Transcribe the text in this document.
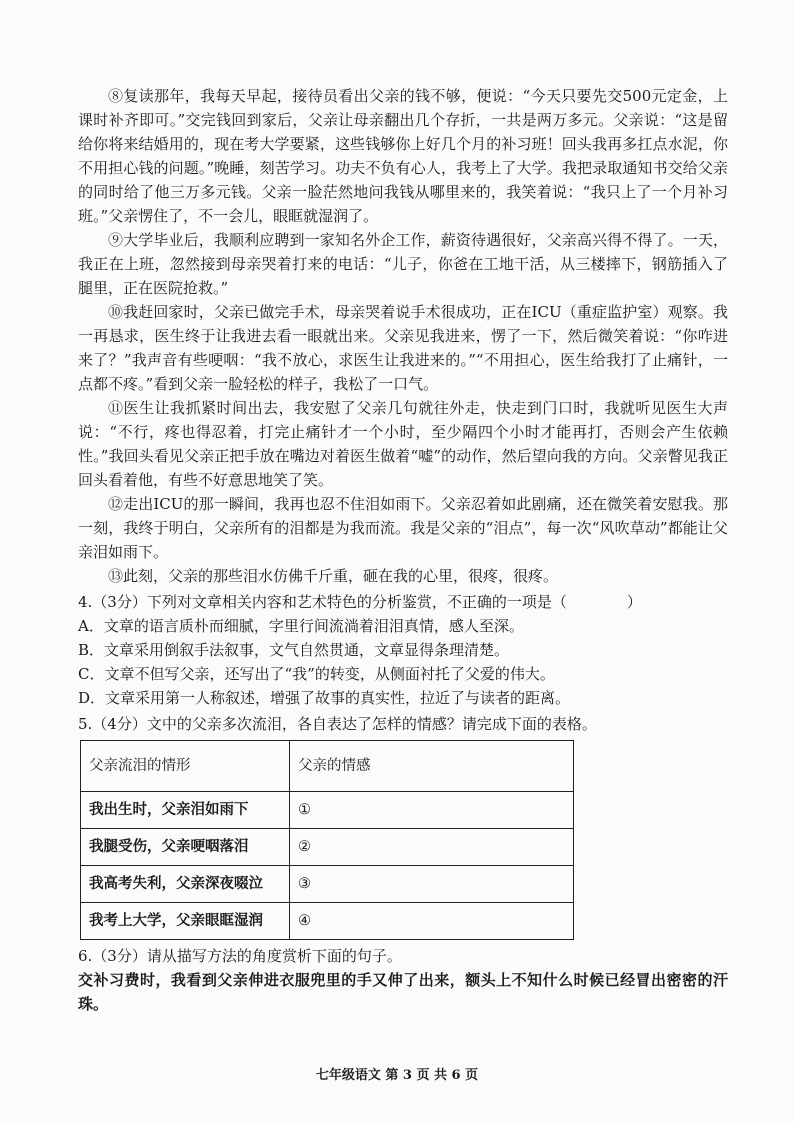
⑧复读那年，我每天早起，接待员看出父亲的钱不够，便说：“今天只要先交500元定金，上课时补齐即可。”交完钱回到家后，父亲让母亲翻出几个存折，一共是两万多元。父亲说：“这是留给你将来结婚用的，现在考大学要紧，这些钱够你上好几个月的补习班！回头我再多扛点水泥，你不用担心钱的问题。”晚睡，刻苦学习。功夫不负有心人，我考上了大学。我把录取通知书交给父亲的同时给了他三万多元钱。父亲一脸茫然地问我钱从哪里来的，我笑着说：“我只上了一个月补习班。”父亲愣住了，不一会儿，眼眶就湿润了。

⑨大学毕业后，我顺利应聘到一家知名外企工作，薪资待遇很好，父亲高兴得不得了。一天，我正在上班，忽然接到母亲哭着打来的电话：“儿子，你爸在工地干活，从三楼摔下，钢筋插入了腿里，正在医院抢救。”

⑩我赶回家时，父亲已做完手术，母亲哭着说手术很成功，正在ICU（重症监护室）观察。我一再恳求，医生终于让我进去看一眼就出来。父亲见我进来，愣了一下，然后微笑着说：“你咋进来了？”我声音有些哽咽：“我不放心，求医生让我进来的。”“不用担心，医生给我打了止痛针，一点都不疼。”看到父亲一脸轻松的样子，我松了一口气。

⑪医生让我抓紧时间出去，我安慰了父亲几句就往外走，快走到门口时，我就听见医生大声说：“不行，疼也得忍着，打完止痛针才一个小时，至少隔四个小时才能再打，否则会产生依赖性。”我回头看见父亲正把手放在嘴边对着医生做着“嘘”的动作，然后望向我的方向。父亲瞥见我正回头看着他，有些不好意思地笑了笑。

⑫走出ICU的那一瞬间，我再也忍不住泪如雨下。父亲忍着如此剧痛，还在微笑着安慰我。那一刻，我终于明白，父亲所有的泪都是为我而流。我是父亲的“泪点”，每一次“风吹草动”都能让父亲泪如雨下。

⑬此刻，父亲的那些泪水仿佛千斤重，砸在我的心里，很疼，很疼。

4.（3分）下列对文章相关内容和艺术特色的分析鉴赏，不正确的一项是（　　　　）

A．文章的语言质朴而细腻，字里行间流淌着泪泪真情，感人至深。

B．文章采用倒叙手法叙事，文气自然贯通，文章显得条理清楚。

C．文章不但写父亲，还写出了“我”的转变，从侧面衬托了父爱的伟大。

D．文章采用第一人称叙述，增强了故事的真实性，拉近了与读者的距离。

5.（4分）文中的父亲多次流泪，各自表达了怎样的情感？请完成下面的表格。

父亲流泪的情形	父亲的情感
我出生时，父亲泪如雨下	①
我腿受伤，父亲哽咽落泪	②
我高考失利，父亲深夜啜泣	③
我考上大学，父亲眼眶湿润	④

6.（3分）请从描写方法的角度赏析下面的句子。

交补习费时，我看到父亲伸进衣服兜里的手又伸了出来，额头上不知什么时候已经冒出密密的汗珠。

七年级语文 第 3 页 共 6 页
